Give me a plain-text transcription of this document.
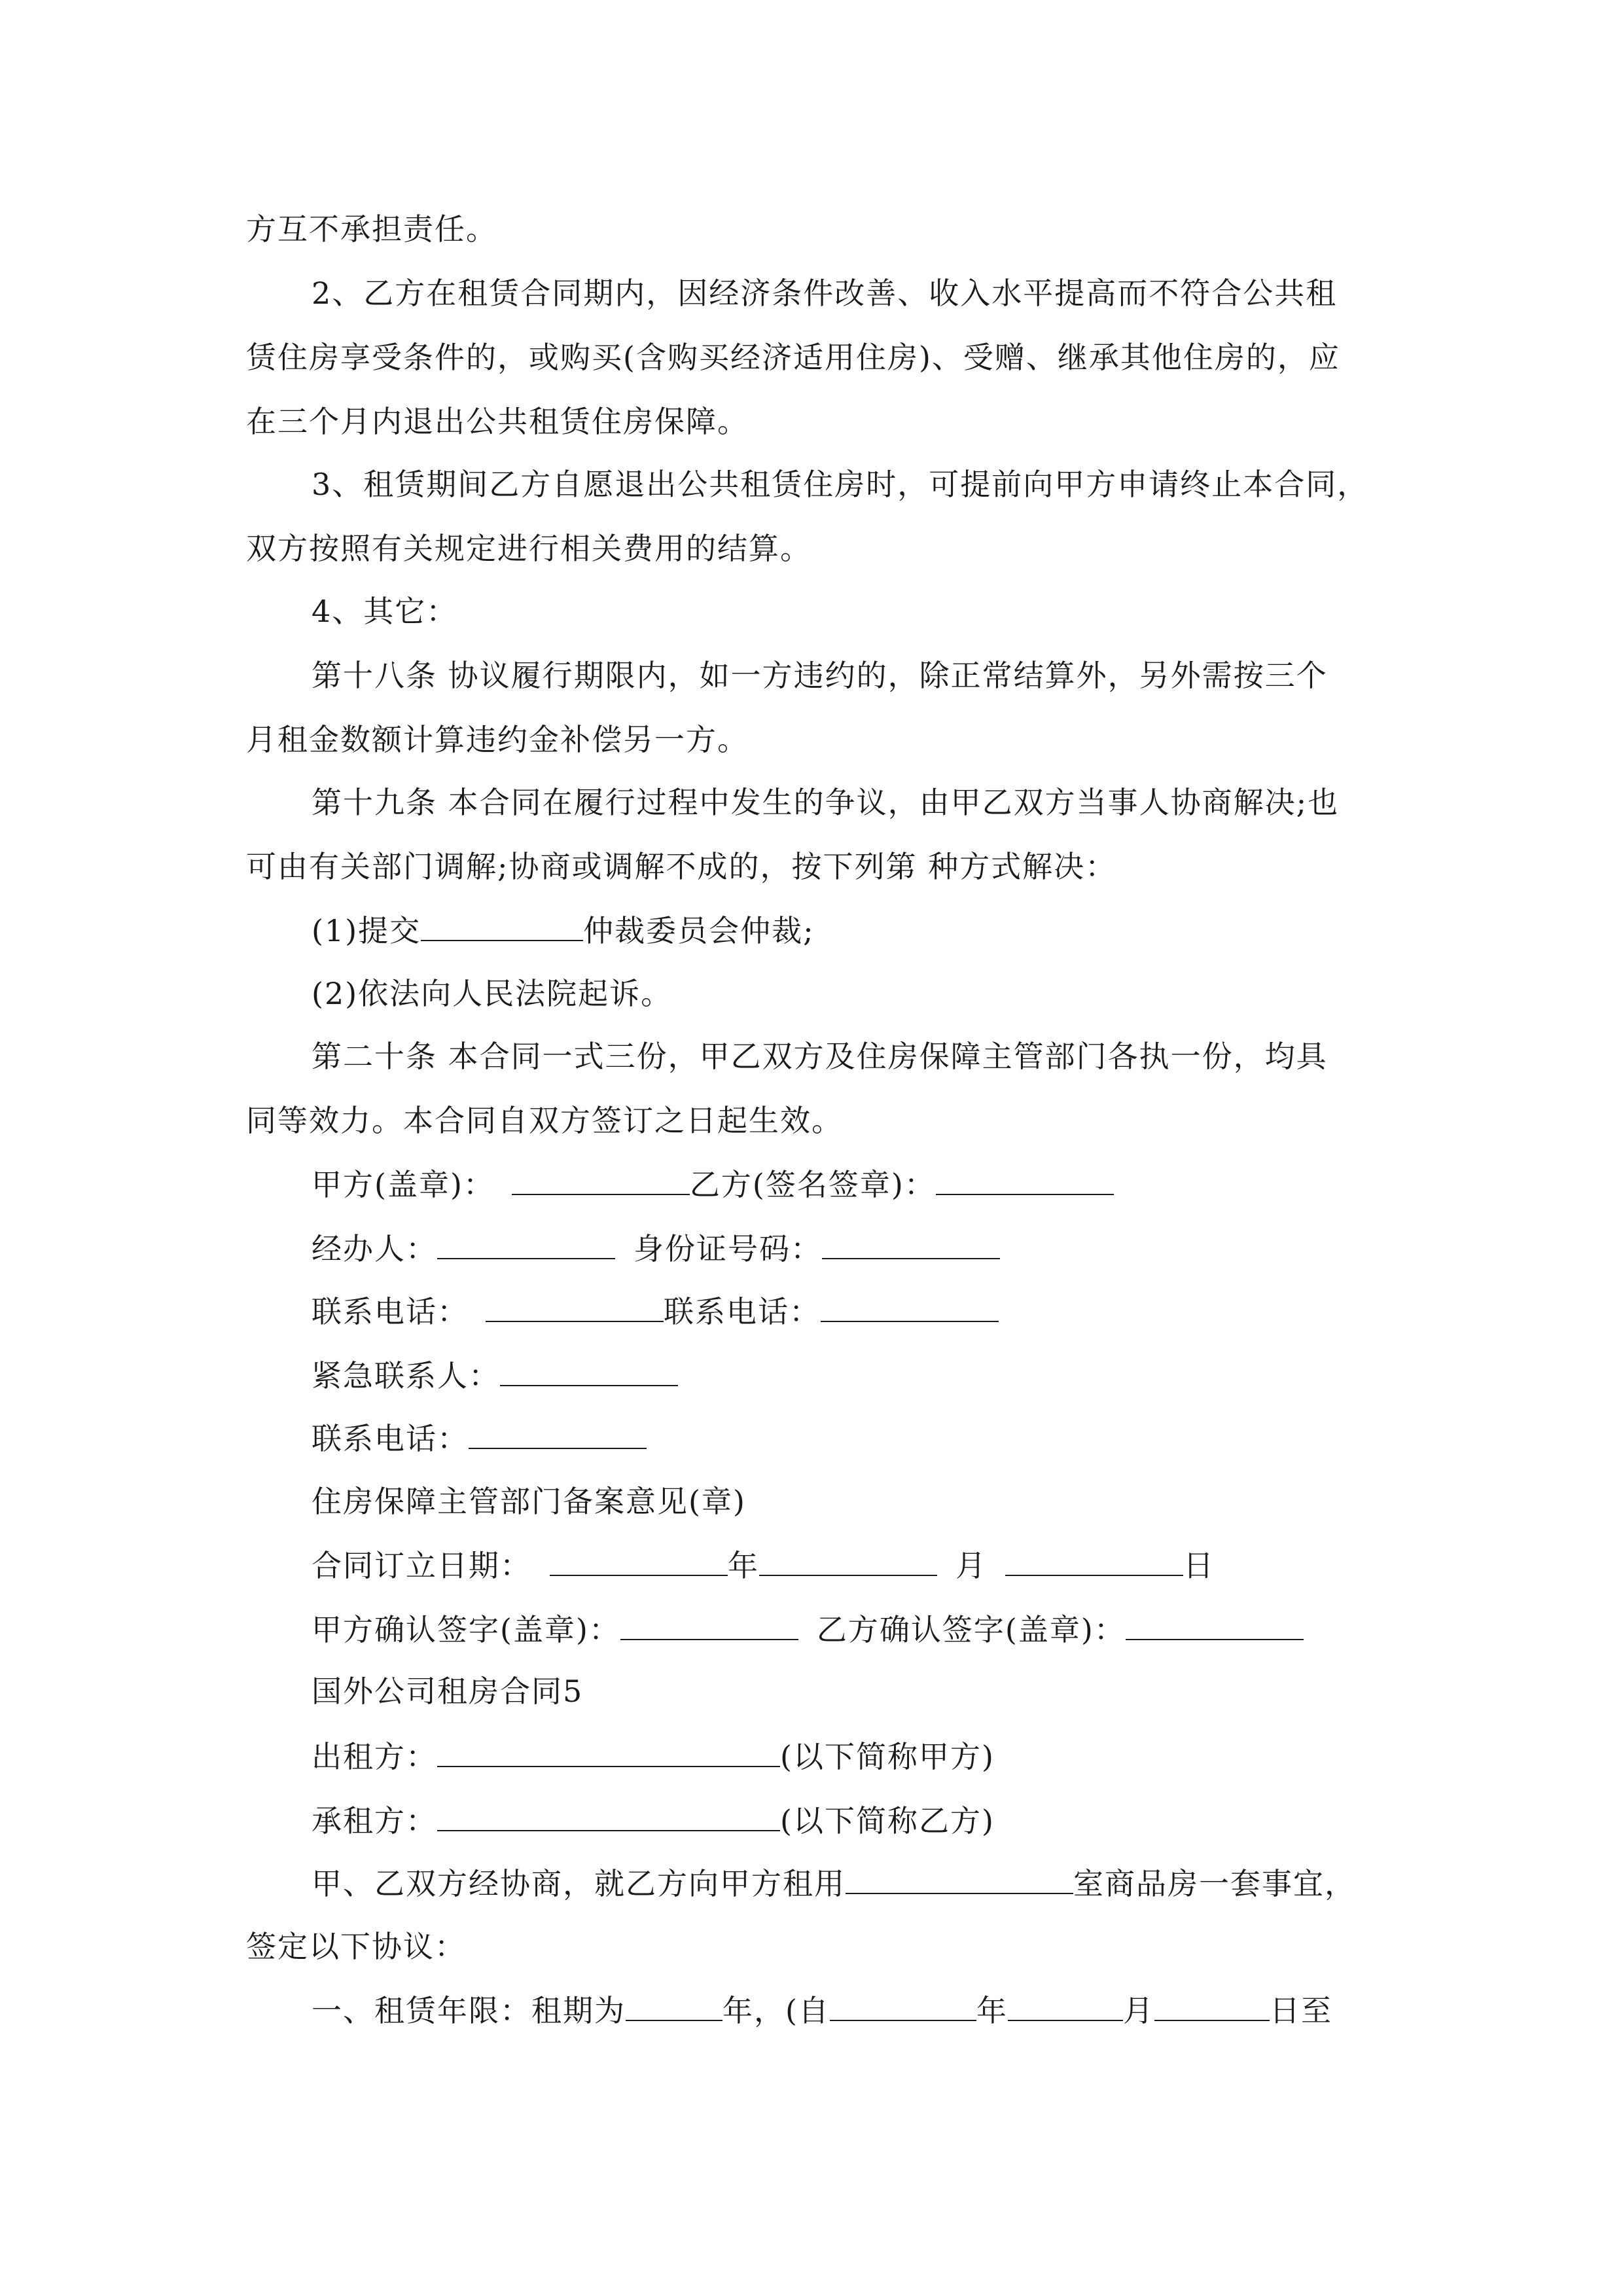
方互不承担责任。
2、乙方在租赁合同期内，因经济条件改善、收入水平提高而不符合公共租
赁住房享受条件的，或购买(含购买经济适用住房)、受赠、继承其他住房的，应
在三个月内退出公共租赁住房保障。
3、租赁期间乙方自愿退出公共租赁住房时，可提前向甲方申请终止本合同，
双方按照有关规定进行相关费用的结算。
4、其它：
第十八条 协议履行期限内，如一方违约的，除正常结算外，另外需按三个
月租金数额计算违约金补偿另一方。
第十九条 本合同在履行过程中发生的争议，由甲乙双方当事人协商解决;也
可由有关部门调解;协商或调解不成的，按下列第 种方式解决：
(1)提交	仲裁委员会仲裁;
(2)依法向人民法院起诉。
第二十条 本合同一式三份，甲乙双方及住房保障主管部门各执一份，均具
同等效力。本合同自双方签订之日起生效。
甲方(盖章)：	乙方(签名签章)：
经办人：	身份证号码：
联系电话：	联系电话：
紧急联系人：
联系电话：
住房保障主管部门备案意见(章)
合同订立日期：	年	月	日
甲方确认签字(盖章)：	乙方确认签字(盖章)：
国外公司租房合同5
出租方：	(以下简称甲方)
承租方：	(以下简称乙方)
甲、乙双方经协商，就乙方向甲方租用	室商品房一套事宜，
签定以下协议：
一、租赁年限：租期为	年，(自	年	月	日至
